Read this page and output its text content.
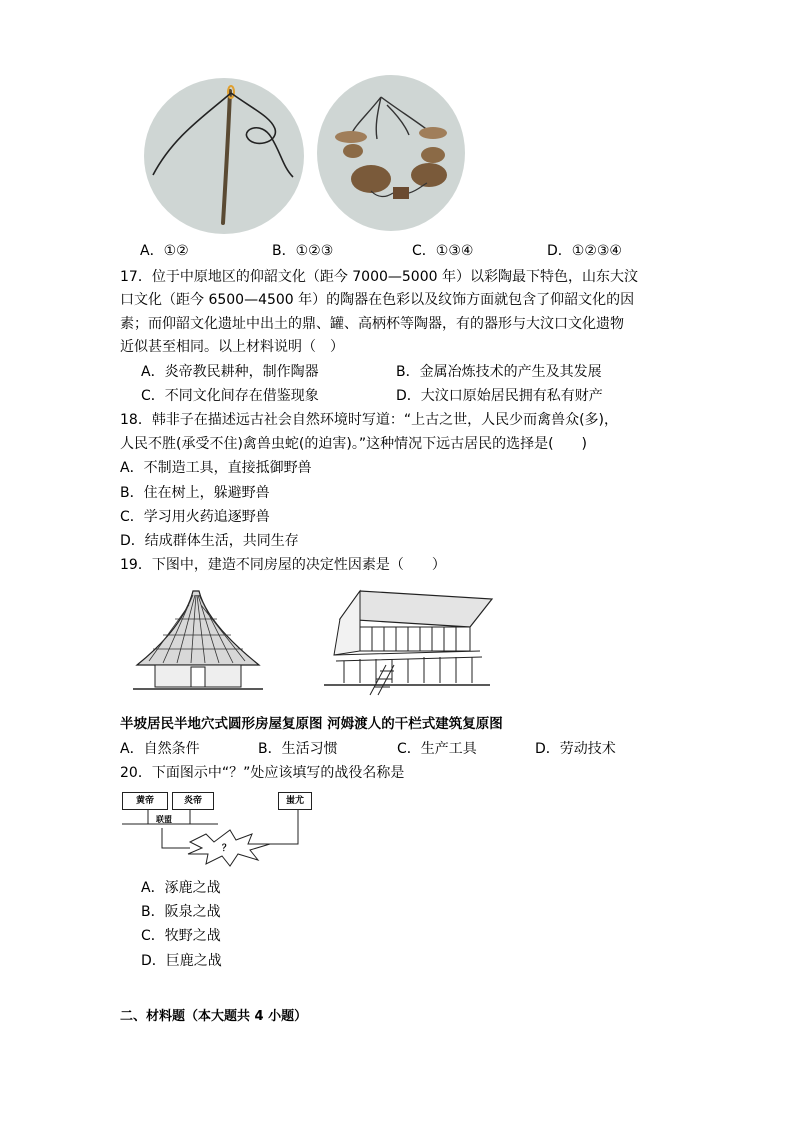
A．①②	B．①②③	C．①③④	D．①②③④
17．位于中原地区的仰韶文化（距今 7000—5000 年）以彩陶最下特色，山东大汶
口文化（距今 6500—4500 年）的陶器在色彩以及纹饰方面就包含了仰韶文化的因
素；而仰韶文化遗址中出土的鼎、罐、高柄杯等陶器，有的器形与大汶口文化遗物
近似甚至相同。以上材料说明（　）
A．炎帝教民耕种，制作陶器	B．金属冶炼技术的产生及其发展
C．不同文化间存在借鉴现象	D．大汶口原始居民拥有私有财产
18．韩非子在描述远古社会自然环境时写道：“上古之世，人民少而禽兽众(多)，
人民不胜(承受不住)禽兽虫蛇(的迫害)。”这种情况下远古居民的选择是(　　)
A．不制造工具，直接抵御野兽
B．住在树上，躲避野兽
C．学习用火药追逐野兽
D．结成群体生活，共同生存
19．下图中，建造不同房屋的决定性因素是（　　）
半坡居民半地穴式圆形房屋复原图 河姆渡人的干栏式建筑复原图
A．自然条件	B．生活习惯	C．生产工具	D．劳动技术
20．下面图示中“？”处应该填写的战役名称是
黄帝	炎帝	蚩尤
联盟
？
A．涿鹿之战
B．阪泉之战
C．牧野之战
D．巨鹿之战
二、材料题（本大题共 4 小题）
